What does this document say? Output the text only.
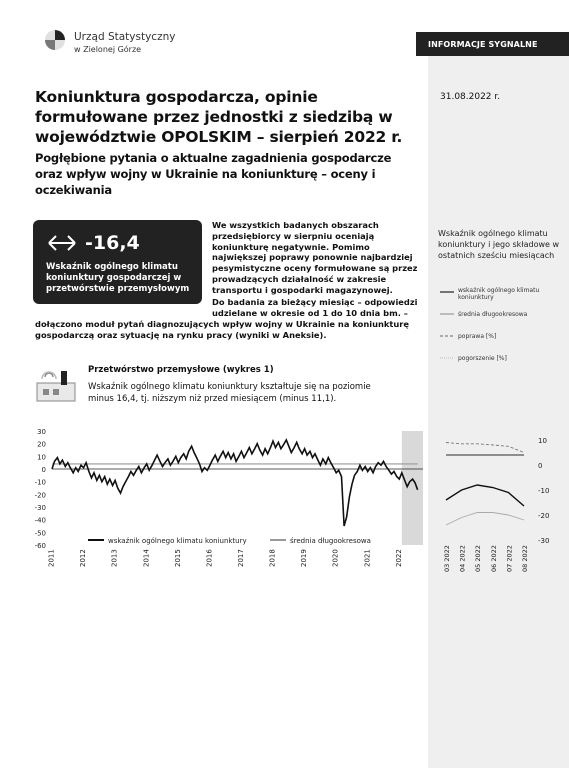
INFORMACJE SYGNALNE
Urząd Statystyczny
w Zielonej Górze
31.08.2022 r.
Koniunktura gospodarcza, opinie formułowane przez jednostki z siedzibą w województwie OPOLSKIM – sierpień 2022 r.
Pogłębione pytania o aktualne zagadnienia gospodarcze oraz wpływ wojny w Ukrainie na koniunkturę – oceny i oczekiwania
-16,4
Wskaźnik ogólnego klimatu koniunktury gospodarczej w przetwórstwie przemysłowym
We wszystkich badanych obszarach przedsiębiorcy w sierpniu oceniają koniunkturę negatywnie. Pomimo największej poprawy ponownie najbardziej pesymistyczne oceny formułowane są przez prowadzących działalność w zakresie transportu i gospodarki magazynowej.
Do badania za bieżący miesiąc – odpowiedzi udzielane w okresie od 1 do 10 dnia bm. –
dołączono moduł pytań diagnozujących wpływ wojny w Ukrainie na koniunkturę gospodarczą oraz sytuację na rynku pracy (wyniki w Aneksie).
Wskaźnik ogólnego klimatu koniunktury i jego składowe w ostatnich sześciu miesiącach
wskaźnik ogólnego klimatu koniunktury
średnia długookresowa
poprawa [%]
pogorszenie [%]
Przetwórstwo przemysłowe (wykres 1)
Wskaźnik ogólnego klimatu koniunktury kształtuje się na poziomie minus 16,4, tj. niższym niż przed miesiącem (minus 11,1).
30
20
10
0
-10
-20
-30
-40
-50
-60
2011	2012	2013	2014	2015	2016	2017	2018	2019	2020	2021	2022
wskaźnik ogólnego klimatu koniunktury	średnia długookresowa
10
0
-10
-20
-30
03 2022 04 2022 05 2022 06 2022 07 2022 08 2022
